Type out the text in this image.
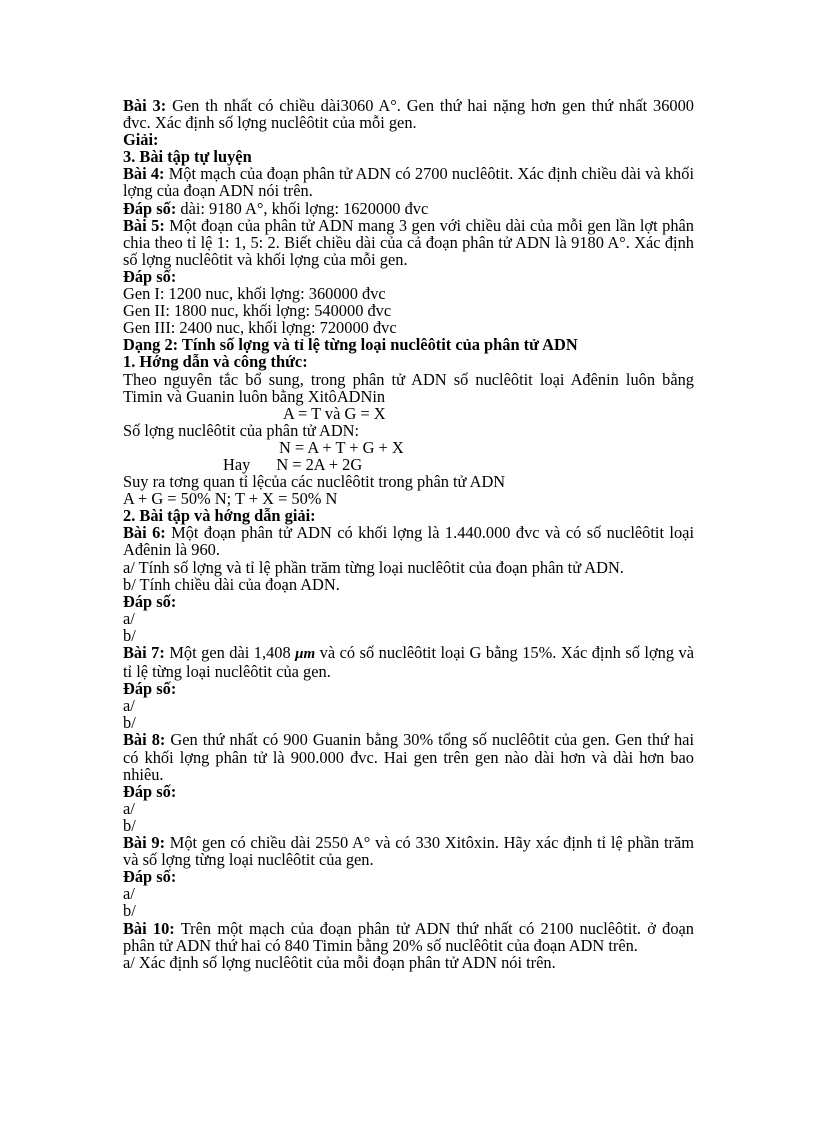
Bài 3: Gen th nhất có chiều dài3060 A°. Gen thứ hai nặng hơn gen thứ nhất 36000 đvc. Xác định số lợng nuclêôtit của mỗi gen.

Giải:

3. Bài tập tự luyện

Bài 4: Một mạch của đoạn phân tử ADN có 2700 nuclêôtit. Xác định chiều dài và khối lợng của đoạn ADN nói trên.

Đáp số: dài: 9180 A°, khối lợng: 1620000 đvc

Bài 5: Một đoạn của phân tử ADN mang 3 gen với chiều dài của mỗi gen lần lợt phân chia theo tỉ lệ 1: 1, 5: 2. Biết chiều dài của cả đoạn phân tử ADN là 9180 A°. Xác định số lợng nuclêôtit và khối lợng của mỗi gen.

Đáp số:

Gen I: 1200 nuc, khối lợng: 360000 đvc

Gen II: 1800 nuc, khối lợng: 540000 đvc

Gen III: 2400 nuc, khối lợng: 720000 đvc

Dạng 2: Tính số lợng và tỉ lệ từng loại nuclêôtit của phân tử ADN

1. Hớng dẫn và công thức:

Theo nguyên tắc bổ sung, trong phân tử ADN số nuclêôtit loại Ađênin luôn bằng Timin và Guanin luôn bằng XitôADNin

A = T và G = X

Số lợng nuclêôtit của phân tử ADN:

N = A + T + G + X

Hay N = 2A + 2G

Suy ra tơng quan tỉ lệcủa các nuclêôtit trong phân tử ADN

A + G = 50% N; T + X = 50% N

2. Bài tập và hớng dẫn giải:

Bài 6: Một đoạn phân tử ADN có khối lợng là 1.440.000 đvc và có số nuclêôtit loại Ađênin là 960.

a/ Tính số lợng và tỉ lệ phần trăm từng loại nuclêôtit của đoạn phân tử ADN.

b/ Tính chiều dài của đoạn ADN.

Đáp số:

a/

b/

Bài 7: Một gen dài 1,408 μm và có số nuclêôtit loại G bằng 15%. Xác định số lợng và tỉ lệ từng loại nuclêôtit của gen.

Đáp số:

a/

b/

Bài 8: Gen thứ nhất có 900 Guanin bằng 30% tổng số nuclêôtit của gen. Gen thứ hai có khối lợng phân tử là 900.000 đvc. Hai gen trên gen nào dài hơn và dài hơn bao nhiêu.

Đáp số:

a/

b/

Bài 9: Một gen có chiều dài 2550 A° và có 330 Xitôxin. Hãy xác định tỉ lệ phần trăm và số lợng từng loại nuclêôtit của gen.

Đáp số:

a/

b/

Bài 10: Trên một mạch của đoạn phân tử ADN thứ nhất có 2100 nuclêôtit. ở đoạn phân tử ADN thứ hai có 840 Timin bằng 20% số nuclêôtit của đoạn ADN trên.

a/ Xác định số lợng nuclêôtit của mỗi đoạn phân tử ADN nói trên.
